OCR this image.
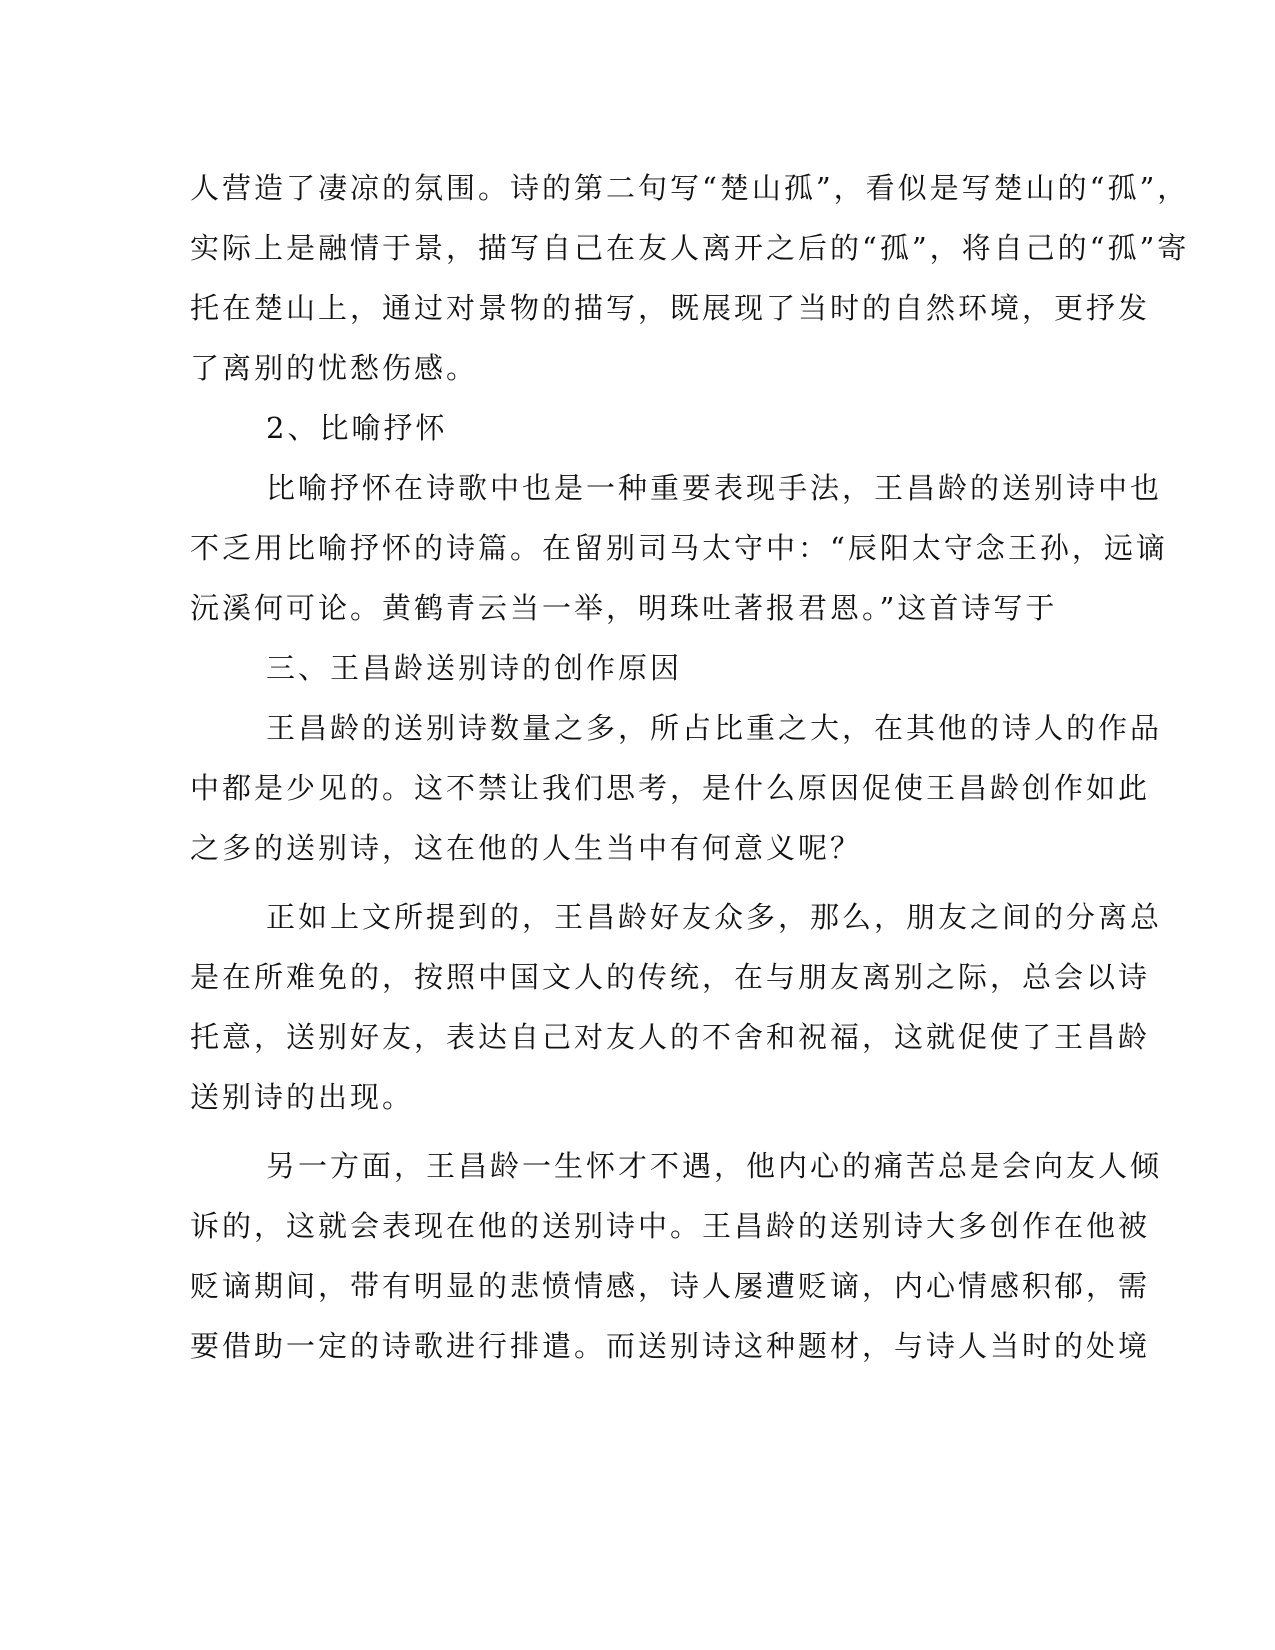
人营造了凄凉的氛围。诗的第二句写“楚山孤”，看似是写楚山的“孤”，
实际上是融情于景，描写自己在友人离开之后的“孤”，将自己的“孤”寄
托在楚山上，通过对景物的描写，既展现了当时的自然环境，更抒发
了离别的忧愁伤感。
2、比喻抒怀
比喻抒怀在诗歌中也是一种重要表现手法，王昌龄的送别诗中也
不乏用比喻抒怀的诗篇。在留别司马太守中：“辰阳太守念王孙，远谪
沅溪何可论。黄鹤青云当一举，明珠吐著报君恩。”这首诗写于
三、王昌龄送别诗的创作原因
王昌龄的送别诗数量之多，所占比重之大，在其他的诗人的作品
中都是少见的。这不禁让我们思考，是什么原因促使王昌龄创作如此
之多的送别诗，这在他的人生当中有何意义呢？
正如上文所提到的，王昌龄好友众多，那么，朋友之间的分离总
是在所难免的，按照中国文人的传统，在与朋友离别之际，总会以诗
托意，送别好友，表达自己对友人的不舍和祝福，这就促使了王昌龄
送别诗的出现。
另一方面，王昌龄一生怀才不遇，他内心的痛苦总是会向友人倾
诉的，这就会表现在他的送别诗中。王昌龄的送别诗大多创作在他被
贬谪期间，带有明显的悲愤情感，诗人屡遭贬谪，内心情感积郁，需
要借助一定的诗歌进行排遣。而送别诗这种题材，与诗人当时的处境
